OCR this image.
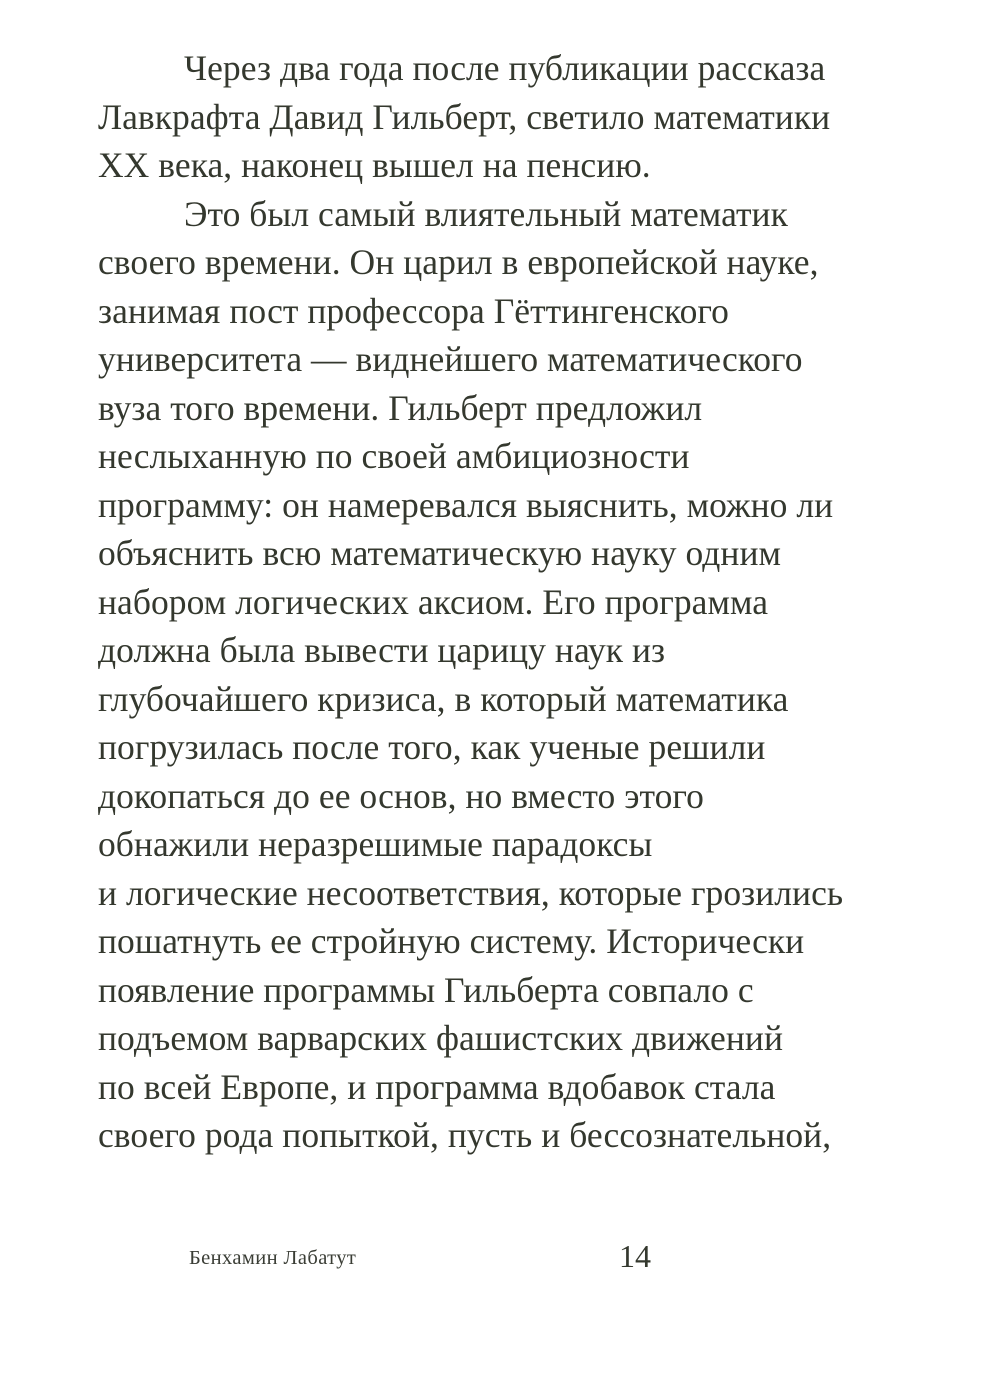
Через два года после публикации рассказа
Лавкрафта Давид Гильберт, светило математики
XX века, наконец вышел на пенсию.
Это был самый влиятельный математик
своего времени. Он царил в европейской науке,
занимая пост профессора Гёттингенского
университета — виднейшего математического
вуза того времени. Гильберт предложил
неслыханную по своей амбициозности
программу: он намеревался выяснить, можно ли
объяснить всю математическую науку одним
набором логических аксиом. Его программа
должна была вывести царицу наук из
глубочайшего кризиса, в который математика
погрузилась после того, как ученые решили
докопаться до ее основ, но вместо этого
обнажили неразрешимые парадоксы
и логические несоответствия, которые грозились
пошатнуть ее стройную систему. Исторически
появление программы Гильберта совпало с
подъемом варварских фашистских движений
по всей Европе, и программа вдобавок стала
своего рода попыткой, пусть и бессознательной,
Бенхамин Лабатут	14
